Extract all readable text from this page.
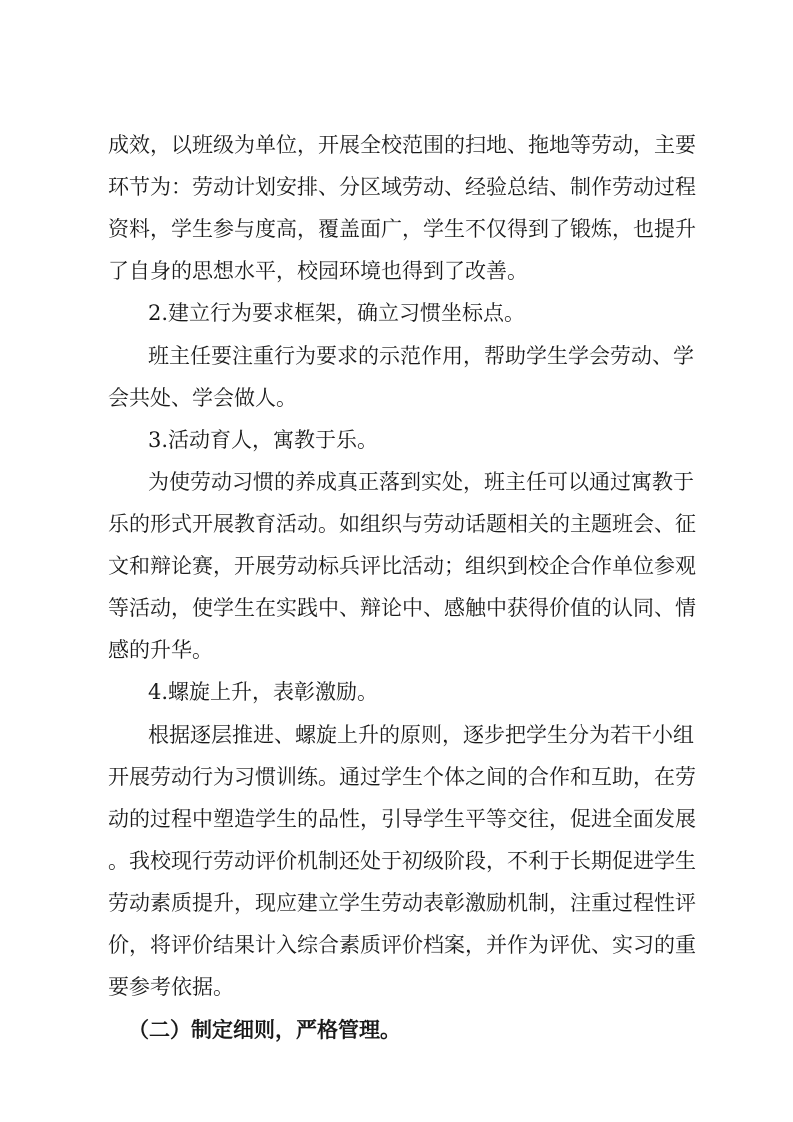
成效，以班级为单位，开展全校范围的扫地、拖地等劳动，主要
环节为：劳动计划安排、分区域劳动、经验总结、制作劳动过程
资料，学生参与度高，覆盖面广，学生不仅得到了锻炼，也提升
了自身的思想水平，校园环境也得到了改善。
2.建立行为要求框架，确立习惯坐标点。
班主任要注重行为要求的示范作用，帮助学生学会劳动、学
会共处、学会做人。
3.活动育人，寓教于乐。
为使劳动习惯的养成真正落到实处，班主任可以通过寓教于
乐的形式开展教育活动。如组织与劳动话题相关的主题班会、征
文和辩论赛，开展劳动标兵评比活动；组织到校企合作单位参观
等活动，使学生在实践中、辩论中、感触中获得价值的认同、情
感的升华。
4.螺旋上升，表彰激励。
根据逐层推进、螺旋上升的原则，逐步把学生分为若干小组
开展劳动行为习惯训练。通过学生个体之间的合作和互助，在劳
动的过程中塑造学生的品性，引导学生平等交往，促进全面发展
。我校现行劳动评价机制还处于初级阶段，不利于长期促进学生
劳动素质提升，现应建立学生劳动表彰激励机制，注重过程性评
价，将评价结果计入综合素质评价档案，并作为评优、实习的重
要参考依据。
（二）制定细则，严格管理。
